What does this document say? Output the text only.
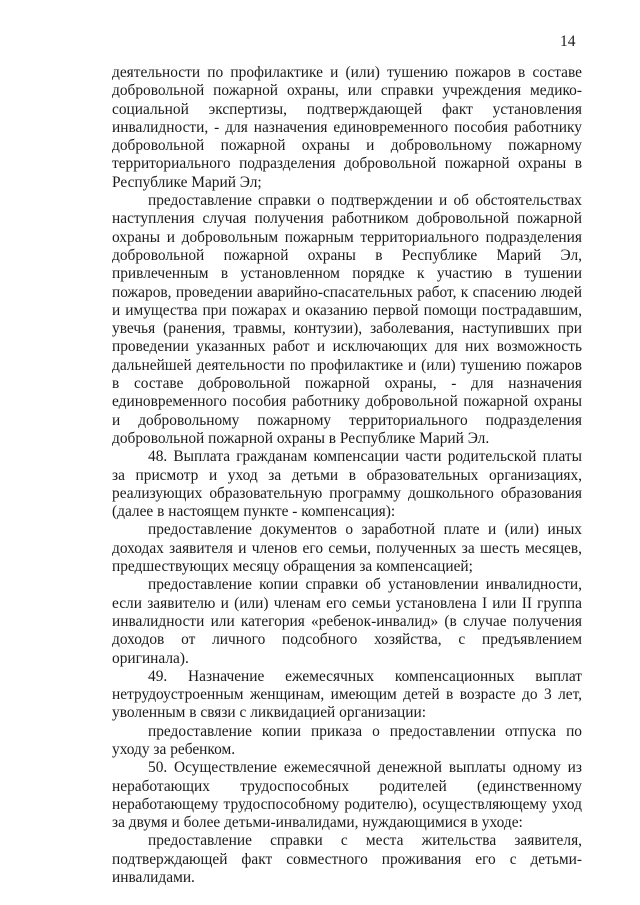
14

деятельности по профилактике и (или) тушению пожаров в составе добровольной пожарной охраны, или справки учреждения медико-социальной экспертизы, подтверждающей факт установления инвалидности, - для назначения единовременного пособия работнику добровольной пожарной охраны и добровольному пожарному территориального подразделения добровольной пожарной охраны в Республике Марий Эл;

предоставление справки о подтверждении и об обстоятельствах наступления случая получения работником добровольной пожарной охраны и добровольным пожарным территориального подразделения добровольной пожарной охраны в Республике Марий Эл, привлеченным в установленном порядке к участию в тушении пожаров, проведении аварийно-спасательных работ, к спасению людей и имущества при пожарах и оказанию первой помощи пострадавшим, увечья (ранения, травмы, контузии), заболевания, наступивших при проведении указанных работ и исключающих для них возможность дальнейшей деятельности по профилактике и (или) тушению пожаров в составе добровольной пожарной охраны, - для назначения единовременного пособия работнику добровольной пожарной охраны и добровольному пожарному территориального подразделения добровольной пожарной охраны в Республике Марий Эл.

48. Выплата гражданам компенсации части родительской платы за присмотр и уход за детьми в образовательных организациях, реализующих образовательную программу дошкольного образования (далее в настоящем пункте - компенсация):

предоставление документов о заработной плате и (или) иных доходах заявителя и членов его семьи, полученных за шесть месяцев, предшествующих месяцу обращения за компенсацией;

предоставление копии справки об установлении инвалидности, если заявителю и (или) членам его семьи установлена I или II группа инвалидности или категория «ребенок-инвалид» (в случае получения доходов от личного подсобного хозяйства, с предъявлением оригинала).

49. Назначение ежемесячных компенсационных выплат нетрудоустроенным женщинам, имеющим детей в возрасте до 3 лет, уволенным в связи с ликвидацией организации:

предоставление копии приказа о предоставлении отпуска по уходу за ребенком.

50. Осуществление ежемесячной денежной выплаты одному из неработающих трудоспособных родителей (единственному неработающему трудоспособному родителю), осуществляющему уход за двумя и более детьми-инвалидами, нуждающимися в уходе:

предоставление справки с места жительства заявителя, подтверждающей факт совместного проживания его с детьми-инвалидами.
